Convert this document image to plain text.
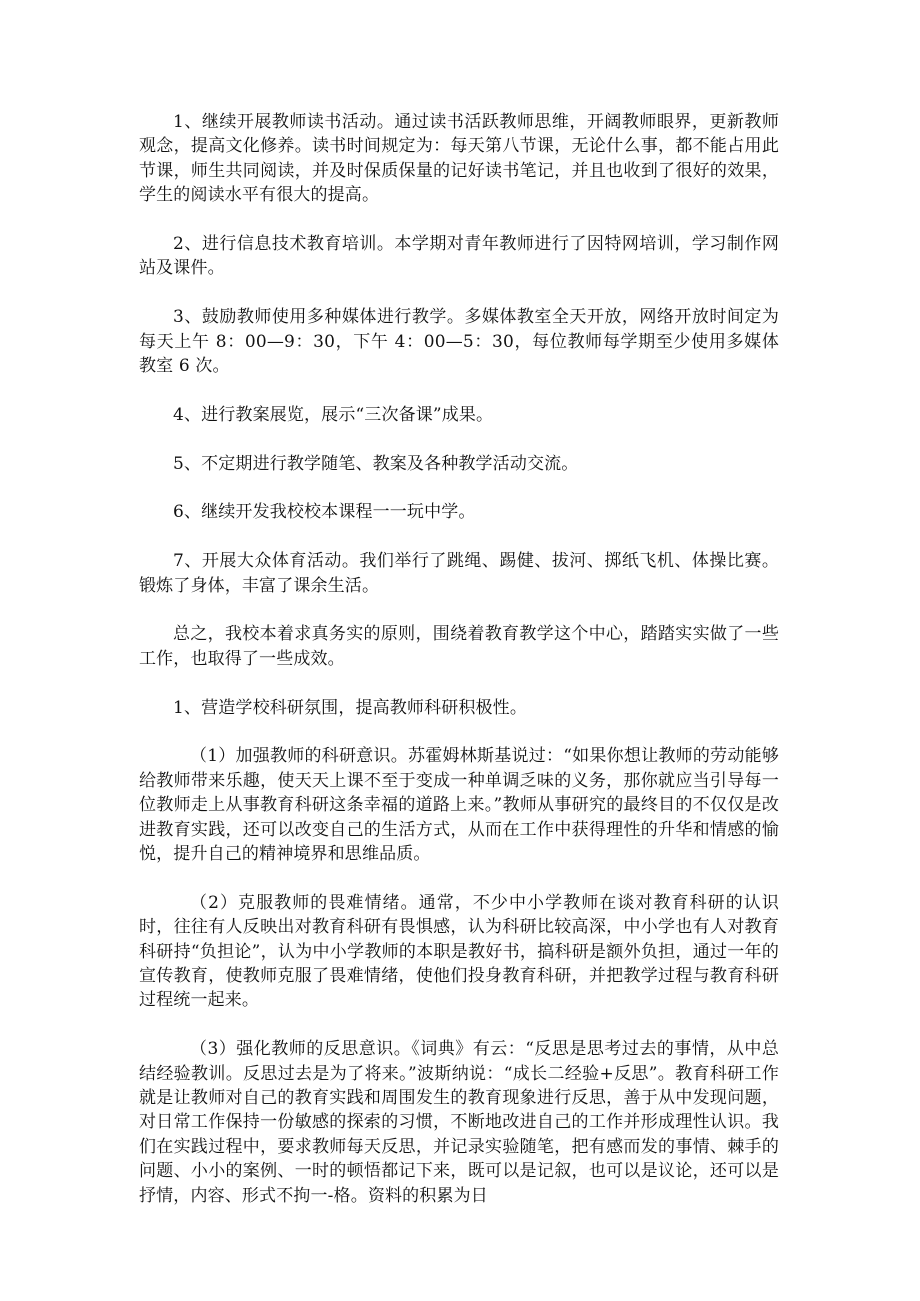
1、继续开展教师读书活动。通过读书活跃教师思维，开阔教师眼界，更新教师观念，提高文化修养。读书时间规定为：每天第八节课，无论什么事，都不能占用此节课，师生共同阅读，并及时保质保量的记好读书笔记，并且也收到了很好的效果，学生的阅读水平有很大的提高。

2、进行信息技术教育培训。本学期对青年教师进行了因特网培训，学习制作网站及课件。

3、鼓励教师使用多种媒体进行教学。多媒体教室全天开放，网络开放时间定为每天上午 8：00—9：30，下午 4：00—5：30，每位教师每学期至少使用多媒体教室 6 次。

4、进行教案展览，展示“三次备课”成果。

5、不定期进行教学随笔、教案及各种教学活动交流。

6、继续开发我校校本课程一一玩中学。

7、开展大众体育活动。我们举行了跳绳、踢健、拔河、掷纸飞机、体操比赛。锻炼了身体，丰富了课余生活。

总之，我校本着求真务实的原则，围绕着教育教学这个中心，踏踏实实做了一些工作，也取得了一些成效。

1、营造学校科研氛围，提高教师科研积极性。

（1）加强教师的科研意识。苏霍姆林斯基说过：“如果你想让教师的劳动能够给教师带来乐趣，使天天上课不至于变成一种单调乏味的义务，那你就应当引导每一位教师走上从事教育科研这条幸福的道路上来。”教师从事研究的最终目的不仅仅是改进教育实践，还可以改变自己的生活方式，从而在工作中获得理性的升华和情感的愉悦，提升自己的精神境界和思维品质。

（2）克服教师的畏难情绪。通常，不少中小学教师在谈对教育科研的认识时，往往有人反映出对教育科研有畏惧感，认为科研比较高深，中小学也有人对教育科研持“负担论”，认为中小学教师的本职是教好书，搞科研是额外负担，通过一年的宣传教育，使教师克服了畏难情绪，使他们投身教育科研，并把教学过程与教育科研过程统一起来。

（3）强化教师的反思意识。《词典》有云：“反思是思考过去的事情，从中总结经验教训。反思过去是为了将来。”波斯纳说：“成长二经验+反思”。教育科研工作就是让教师对自己的教育实践和周围发生的教育现象进行反思，善于从中发现问题，对日常工作保持一份敏感的探索的习惯，不断地改进自己的工作并形成理性认识。我们在实践过程中，要求教师每天反思，并记录实验随笔，把有感而发的事情、棘手的问题、小小的案例、一时的顿悟都记下来，既可以是记叙，也可以是议论，还可以是抒情，内容、形式不拘一-格。资料的积累为日
